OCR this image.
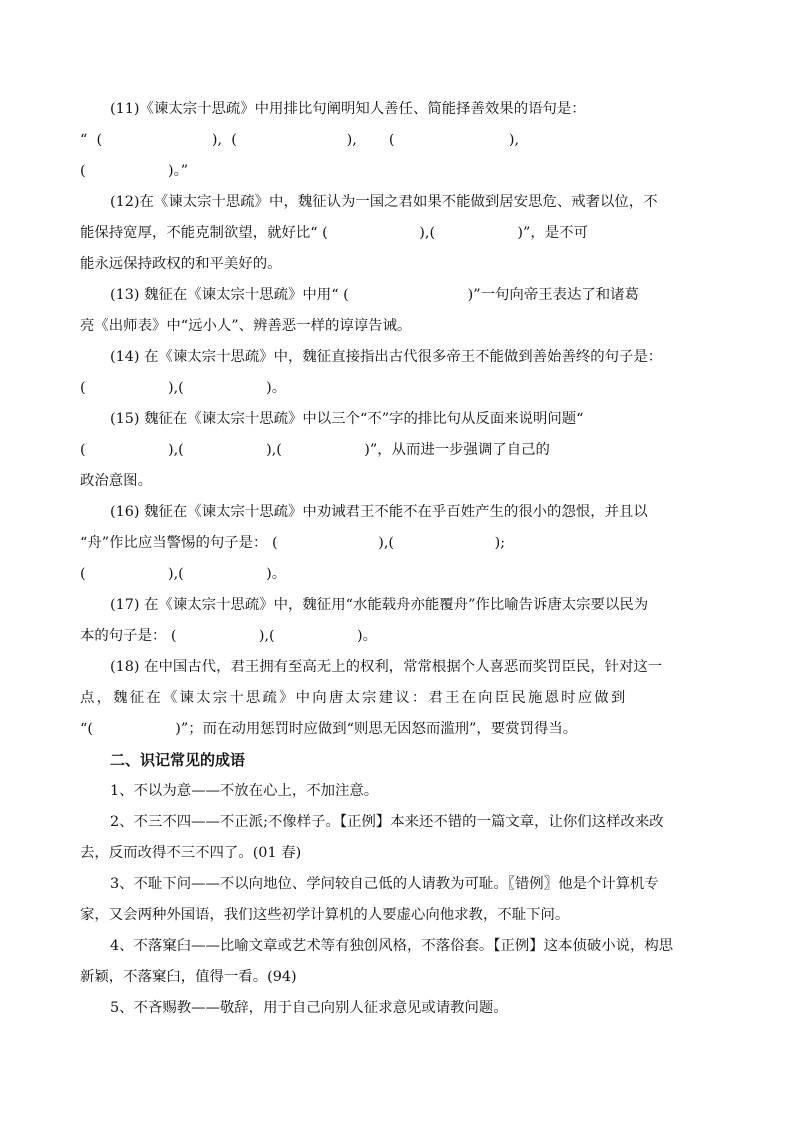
(11)《谏太宗十思疏》中用排比句阐明知人善任、简能择善效果的语句是：
“  (                        ),  (                        ),       (                         ),
(                  )。”
(12)在《谏太宗十思疏》中，魏征认为一国之君如果不能做到居安思危、戒奢以位，不
能保持宽厚，不能克制欲望，就好比“ (                    ),(                  )”，是不可
能永远保持政权的和平美好的。
(13) 魏征在《谏太宗十思疏》中用“ (                          )”一句向帝王表达了和诸葛
亮《出师表》中“远小人”、辨善恶一样的谆谆告诫。
(14) 在《谏太宗十思疏》中，魏征直接指出古代很多帝王不能做到善始善终的句子是：
(                  ),(                  )。
(15) 魏征在《谏太宗十思疏》中以三个“不”字的排比句从反面来说明问题“
(                  ),(                  ),(                  )”，从而进一步强调了自己的
政治意图。
(16) 魏征在《谏太宗十思疏》中劝诫君王不能不在乎百姓产生的很小的怨恨，并且以
“舟”作比应当警惕的句子是： (                      ),(                      );
(                  ),(                  )。
(17) 在《谏太宗十思疏》中，魏征用“水能载舟亦能覆舟”作比喻告诉唐太宗要以民为
本的句子是： (                  ),(                  )。
(18) 在中国古代，君王拥有至高无上的权利，常常根据个人喜恶而奖罚臣民，针对这一
点，魏征在《谏太宗十思疏》中向唐太宗建议：君王在向臣民施恩时应做到
“(                  )”；而在动用惩罚时应做到“则思无因怒而滥刑”，要赏罚得当。
二、识记常见的成语
1、不以为意——不放在心上，不加注意。
2、不三不四——不正派;不像样子。【正例】本来还不错的一篇文章，让你们这样改来改
去，反而改得不三不四了。(01 春)
3、不耻下问——不以向地位、学问较自己低的人请教为可耻。〖错例〗他是个计算机专
家，又会两种外国语，我们这些初学计算机的人要虚心向他求教，不耻下问。
4、不落窠臼——比喻文章或艺术等有独创风格，不落俗套。【正例】这本侦破小说，构思
新颖，不落窠臼，值得一看。(94)
5、不吝赐教——敬辞，用于自己向别人征求意见或请教问题。
